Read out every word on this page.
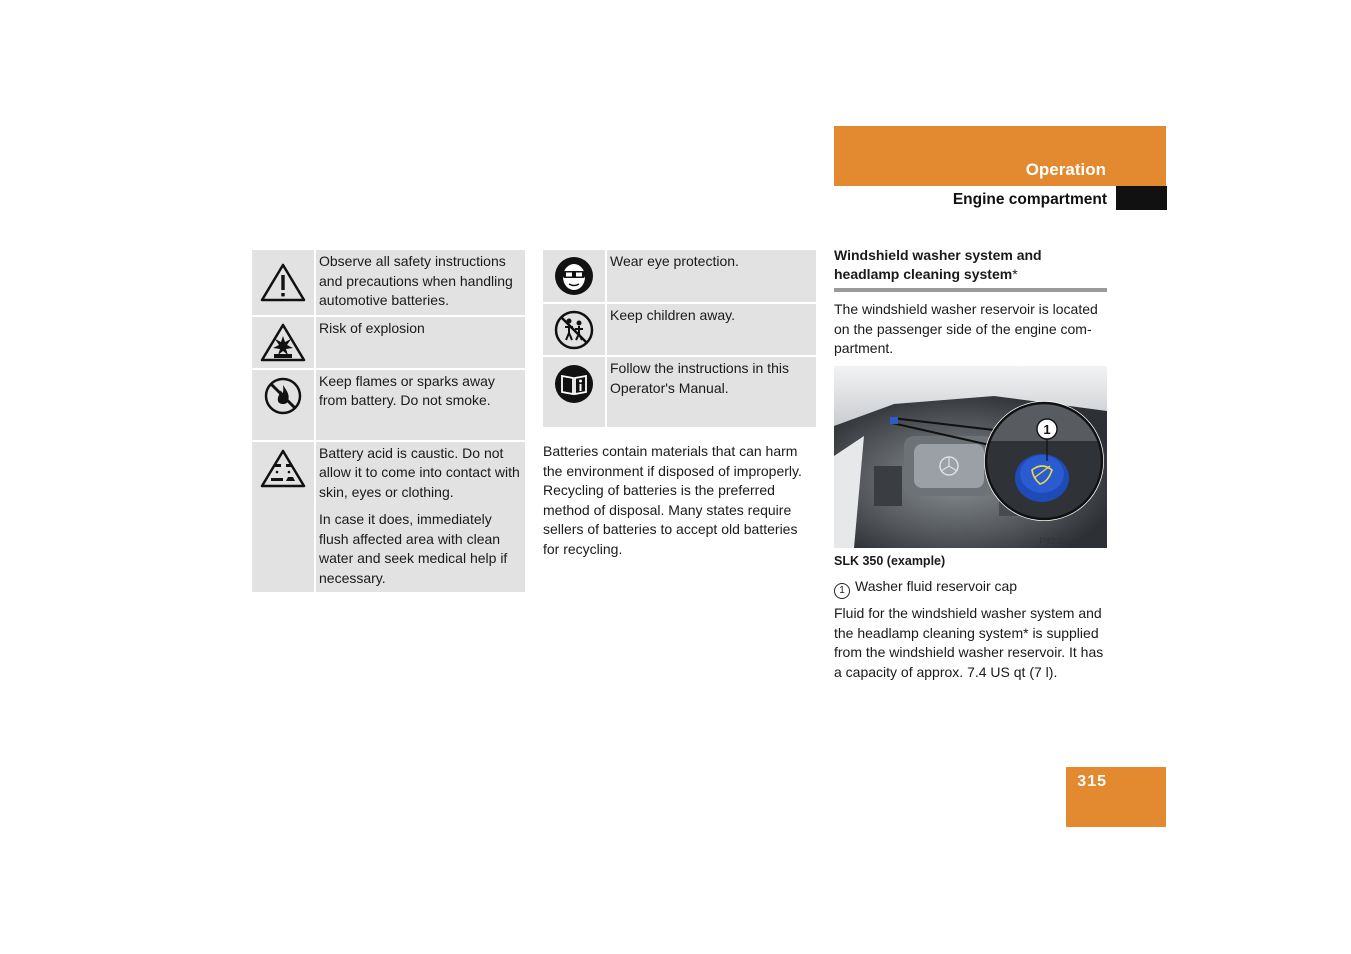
Operation
Engine compartment

Observe all safety instructions and precautions when handling automotive batteries.

Risk of explosion

Keep flames or sparks away from battery. Do not smoke.

Battery acid is caustic. Do not allow it to come into contact with skin, eyes or clothing.

In case it does, immediately flush affected area with clean water and seek medical help if necessary.

Wear eye protection.

Keep children away.

Follow the instructions in this Operator's Manual.

Batteries contain materials that can harm the environment if disposed of improperly. Recycling of batteries is the preferred method of disposal. Many states require sellers of batteries to accept old batteries for recycling.

Windshield washer system and headlamp cleaning system*

The windshield washer reservoir is located on the passenger side of the engine com-partment.

1
P82.35-2375-31
SLK 350 (example)
1 Washer fluid reservoir cap

Fluid for the windshield washer system and the headlamp cleaning system* is supplied from the windshield washer reservoir. It has a capacity of approx. 7.4 US qt (7 l).

315
